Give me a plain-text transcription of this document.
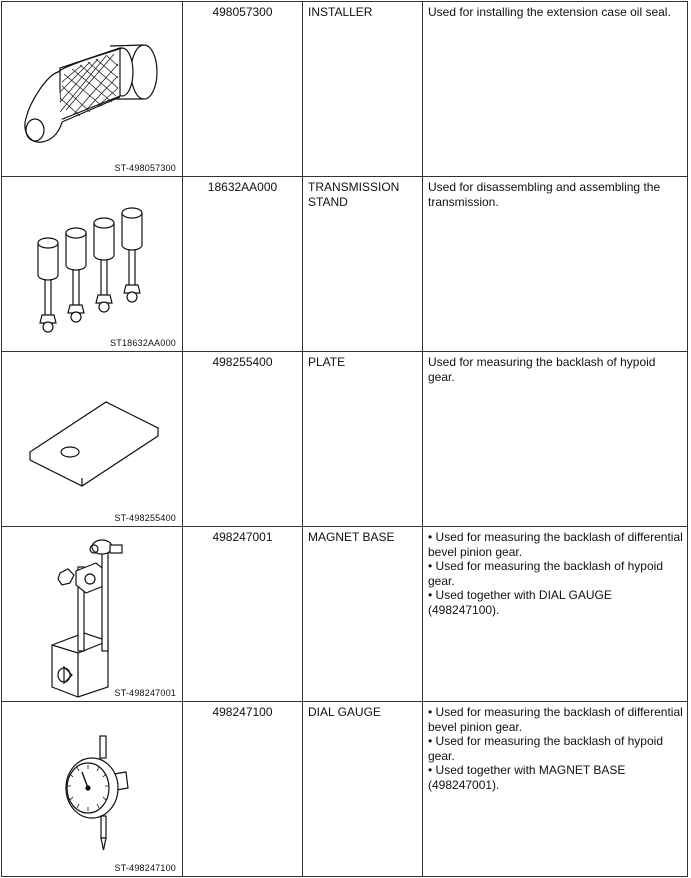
ST-498057300	498057300	INSTALLER	Used for installing the extension case oil seal.

ST18632AA000	18632AA000	TRANSMISSION STAND	Used for disassembling and assembling the transmission.

ST-498255400	498255400	PLATE	Used for measuring the backlash of hypoid gear.

ST-498247001	498247001	MAGNET BASE	• Used for measuring the backlash of differential bevel pinion gear.
• Used for measuring the backlash of hypoid gear.
• Used together with DIAL GAUGE (498247100).

ST-498247100	498247100	DIAL GAUGE	• Used for measuring the backlash of differential bevel pinion gear.
• Used for measuring the backlash of hypoid gear.
• Used together with MAGNET BASE (498247001).
